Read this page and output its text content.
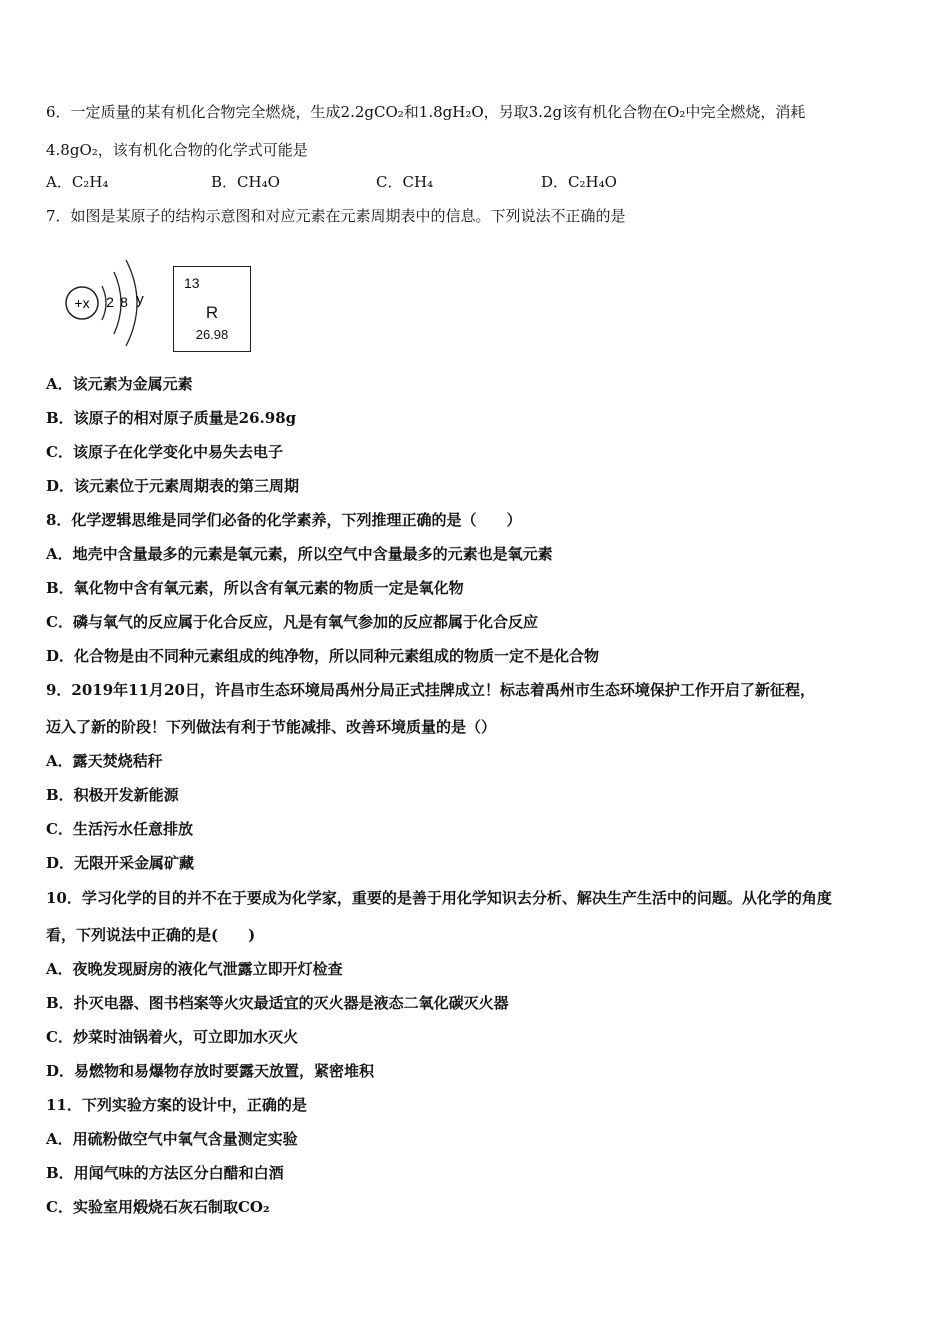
6．一定质量的某有机化合物完全燃烧，生成2.2gCO₂和1.8gH₂O，另取3.2g该有机化合物在O₂中完全燃烧，消耗
4.8gO₂，该有机化合物的化学式可能是
A．C₂H₄	B．CH₄O	C．CH₄	D．C₂H₄O
7．如图是某原子的结构示意图和对应元素在元素周期表中的信息。下列说法不正确的是
+x 2 8 y
13
R
26.98
A．该元素为金属元素
B．该原子的相对原子质量是26.98g
C．该原子在化学变化中易失去电子
D．该元素位于元素周期表的第三周期
8．化学逻辑思维是同学们必备的化学素养，下列推理正确的是（　　）
A．地壳中含量最多的元素是氧元素，所以空气中含量最多的元素也是氧元素
B．氧化物中含有氧元素，所以含有氧元素的物质一定是氧化物
C．磷与氧气的反应属于化合反应，凡是有氧气参加的反应都属于化合反应
D．化合物是由不同种元素组成的纯净物，所以同种元素组成的物质一定不是化合物
9．2019年11月20日，许昌市生态环境局禹州分局正式挂牌成立！标志着禹州市生态环境保护工作开启了新征程，
迈入了新的阶段！下列做法有利于节能减排、改善环境质量的是（）
A．露天焚烧秸秆
B．积极开发新能源
C．生活污水任意排放
D．无限开采金属矿藏
10．学习化学的目的并不在于要成为化学家，重要的是善于用化学知识去分析、解决生产生活中的问题。从化学的角度
看，下列说法中正确的是(　　)
A．夜晚发现厨房的液化气泄露立即开灯检查
B．扑灭电器、图书档案等火灾最适宜的灭火器是液态二氧化碳灭火器
C．炒菜时油锅着火，可立即加水灭火
D．易燃物和易爆物存放时要露天放置，紧密堆积
11．下列实验方案的设计中，正确的是
A．用硫粉做空气中氧气含量测定实验
B．用闻气味的方法区分白醋和白酒
C．实验室用煅烧石灰石制取CO₂
